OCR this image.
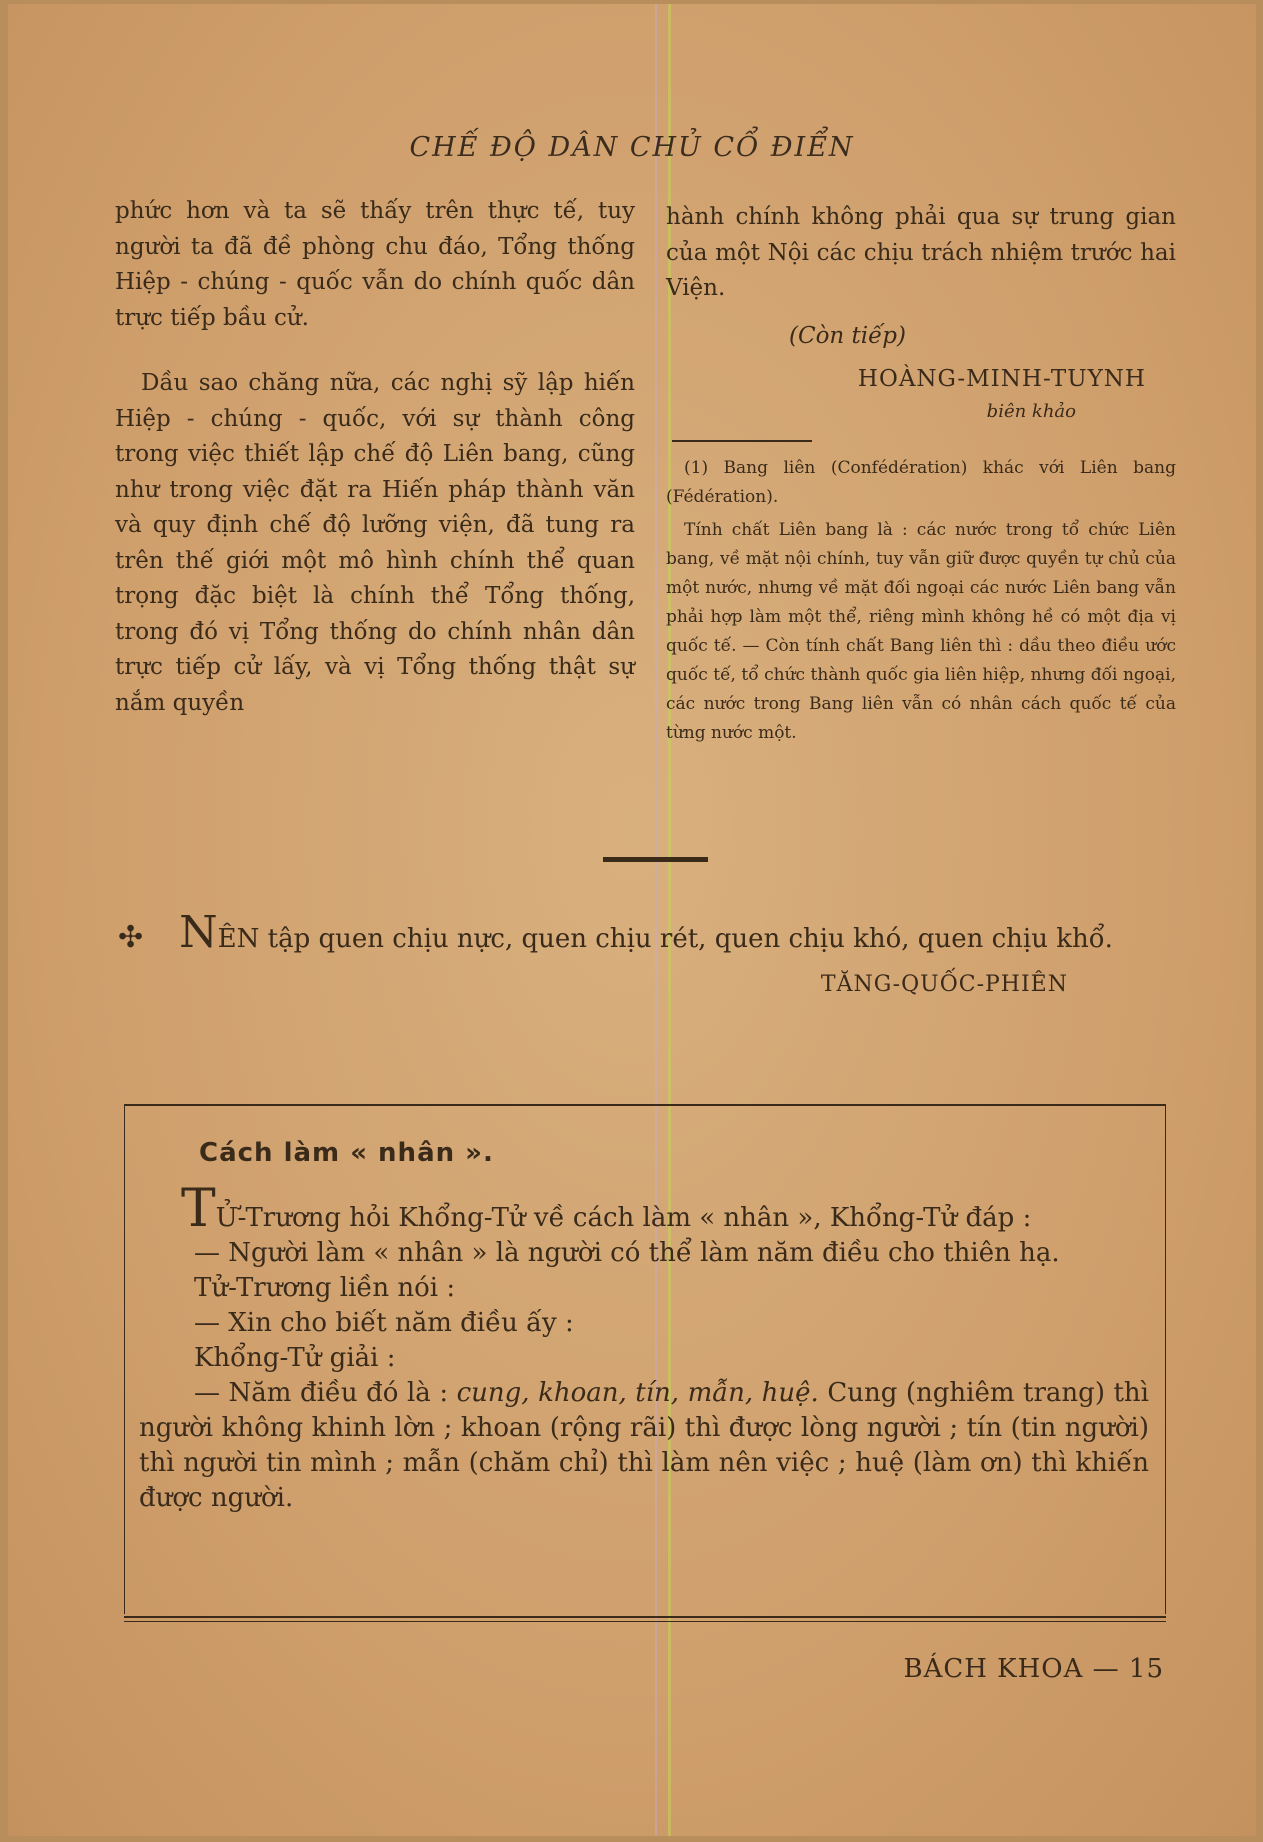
CHẾ ĐỘ DÂN CHỦ CỔ ĐIỂN

phức hơn và ta sẽ thấy trên thực tế, tuy người ta đã đề phòng chu đáo, Tổng thống Hiệp - chúng - quốc vẫn do chính quốc dân trực tiếp bầu cử.

Dầu sao chăng nữa, các nghị sỹ lập hiến Hiệp - chúng - quốc, với sự thành công trong việc thiết lập chế độ Liên bang, cũng như trong việc đặt ra Hiến pháp thành văn và quy định chế độ lưỡng viện, đã tung ra trên thế giới một mô hình chính thể quan trọng đặc biệt là chính thể Tổng thống, trong đó vị Tổng thống do chính nhân dân trực tiếp cử lấy, và vị Tổng thống thật sự nắm quyền

hành chính không phải qua sự trung gian của một Nội các chịu trách nhiệm trước hai Viện.

(Còn tiếp)
HOÀNG-MINH-TUYNH
biên khảo

(1) Bang liên (Confédération) khác với Liên bang (Fédération).

Tính chất Liên bang là : các nước trong tổ chức Liên bang, về mặt nội chính, tuy vẫn giữ được quyền tự chủ của một nước, nhưng về mặt đối ngoại các nước Liên bang vẫn phải hợp làm một thể, riêng mình không hề có một địa vị quốc tế. — Còn tính chất Bang liên thì : dầu theo điều ước quốc tế, tổ chức thành quốc gia liên hiệp, nhưng đối ngoại, các nước trong Bang liên vẫn có nhân cách quốc tế của từng nước một.

✣ NÊN tập quen chịu nực, quen chịu rét, quen chịu khó, quen chịu khổ.
TĂNG-QUỐC-PHIÊN
Cách làm « nhân ».

TỬ-Trương hỏi Khổng-Tử về cách làm « nhân », Khổng-Tử đáp :

— Người làm « nhân » là người có thể làm năm điều cho thiên hạ.

Tử-Trương liền nói :

— Xin cho biết năm điều ấy :

Khổng-Tử giải :

— Năm điều đó là : cung, khoan, tín, mẫn, huệ. Cung (nghiêm trang) thì người không khinh lờn ; khoan (rộng rãi) thì được lòng người ; tín (tin người) thì người tin mình ; mẫn (chăm chỉ) thì làm nên việc ; huệ (làm ơn) thì khiến được người.

BÁCH KHOA — 15
